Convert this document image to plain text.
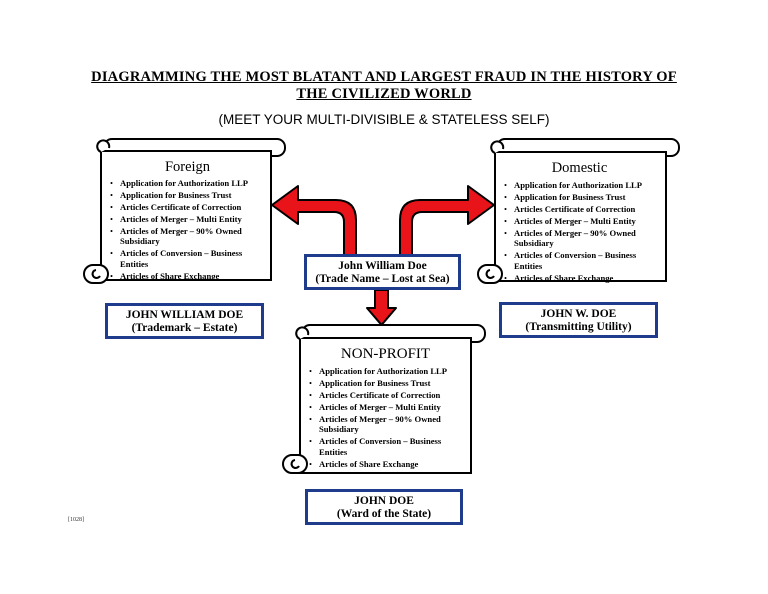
DIAGRAMMING THE MOST BLATANT AND LARGEST FRAUD IN THE HISTORY OF
THE CIVILIZED WORLD
(MEET YOUR MULTI-DIVISIBLE & STATELESS SELF)
Foreign
• Application for Authorization LLP
• Application for Business Trust
• Articles Certificate of Correction
• Articles of Merger – Multi Entity
• Articles of Merger – 90% Owned Subsidiary
• Articles of Conversion – Business Entities
• Articles of Share Exchange
Domestic
• Application for Authorization LLP
• Application for Business Trust
• Articles Certificate of Correction
• Articles of Merger – Multi Entity
• Articles of Merger – 90% Owned Subsidiary
• Articles of Conversion – Business Entities
• Articles of Share Exchange
NON-PROFIT
• Application for Authorization LLP
• Application for Business Trust
• Articles Certificate of Correction
• Articles of Merger – Multi Entity
• Articles of Merger – 90% Owned Subsidiary
• Articles of Conversion – Business Entities
• Articles of Share Exchange
John William Doe
(Trade Name – Lost at Sea)
JOHN WILLIAM DOE
(Trademark – Estate)
JOHN W. DOE
(Transmitting Utility)
JOHN DOE
(Ward of the State)
[1028]
